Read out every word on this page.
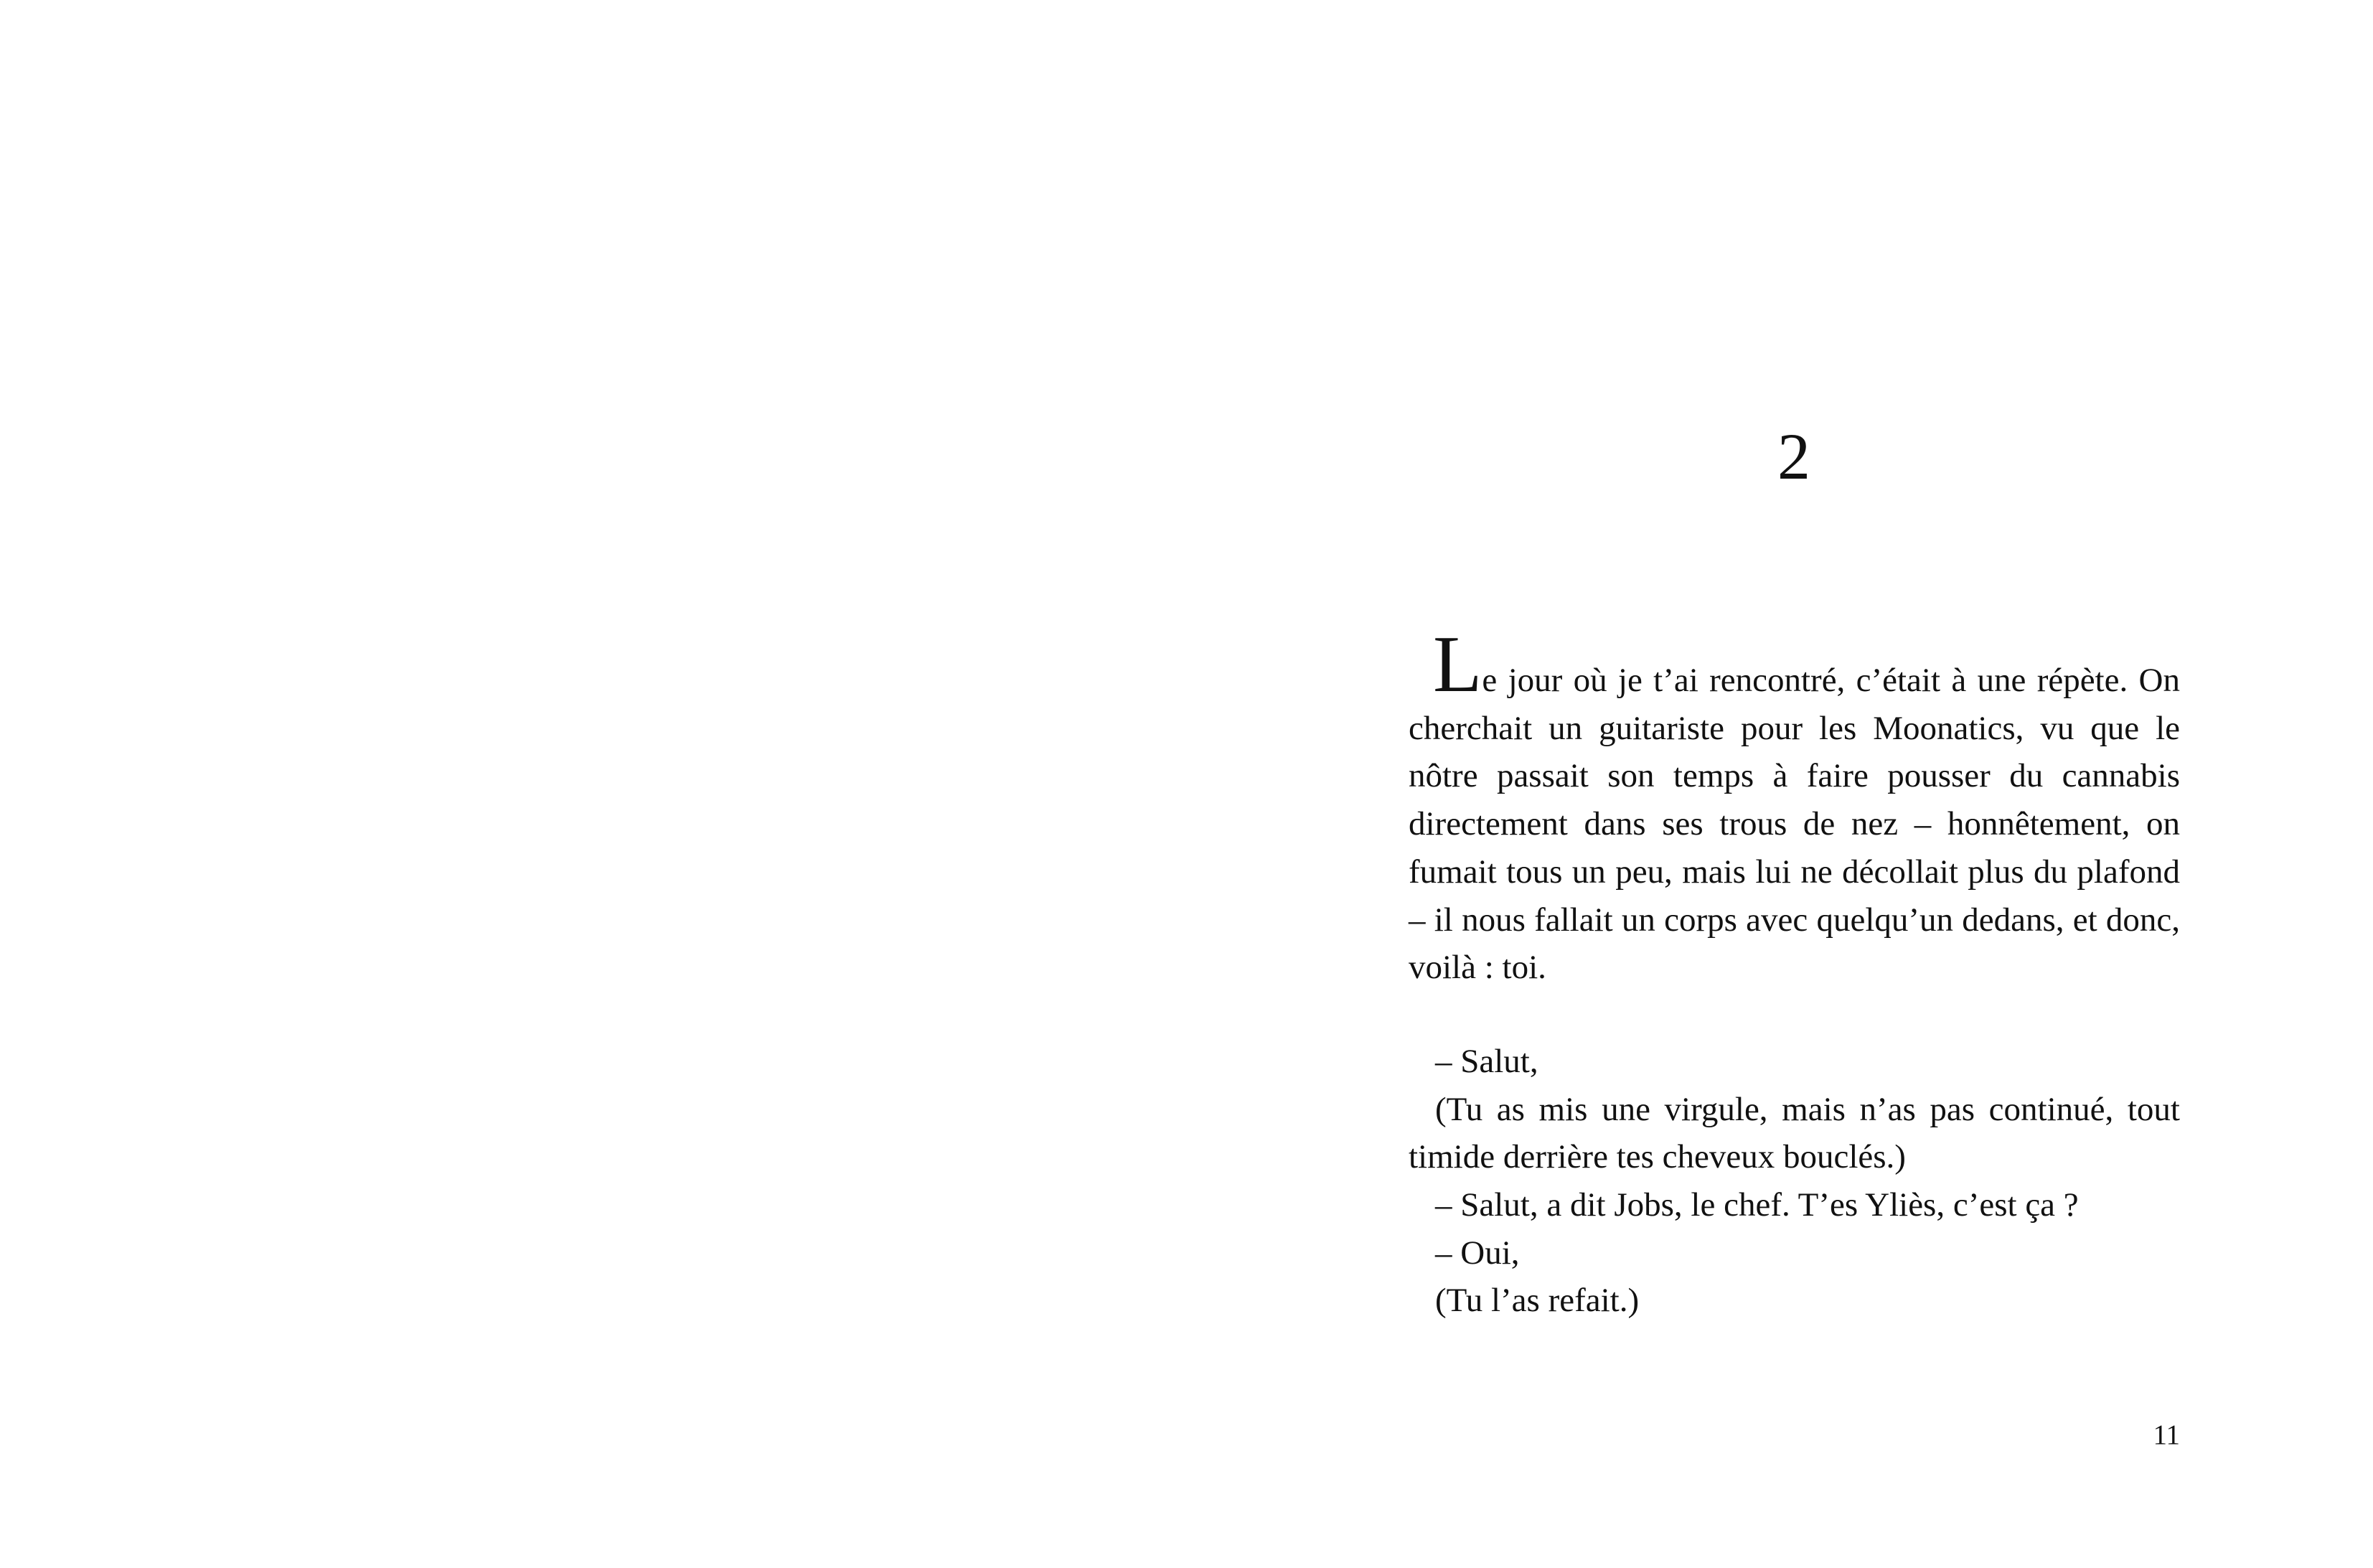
2

Le jour où je t’ai rencontré, c’était à une répète. On cherchait un guitariste pour les Moonatics, vu que le nôtre passait son temps à faire pousser du cannabis directement dans ses trous de nez – honnêtement, on fumait tous un peu, mais lui ne décollait plus du plafond – il nous fallait un corps avec quelqu’un dedans, et donc, voilà : toi.

– Salut,

(Tu as mis une virgule, mais n’as pas continué, tout timide derrière tes cheveux bouclés.)

– Salut, a dit Jobs, le chef. T’es Yliès, c’est ça ?

– Oui,

(Tu l’as refait.)

11
